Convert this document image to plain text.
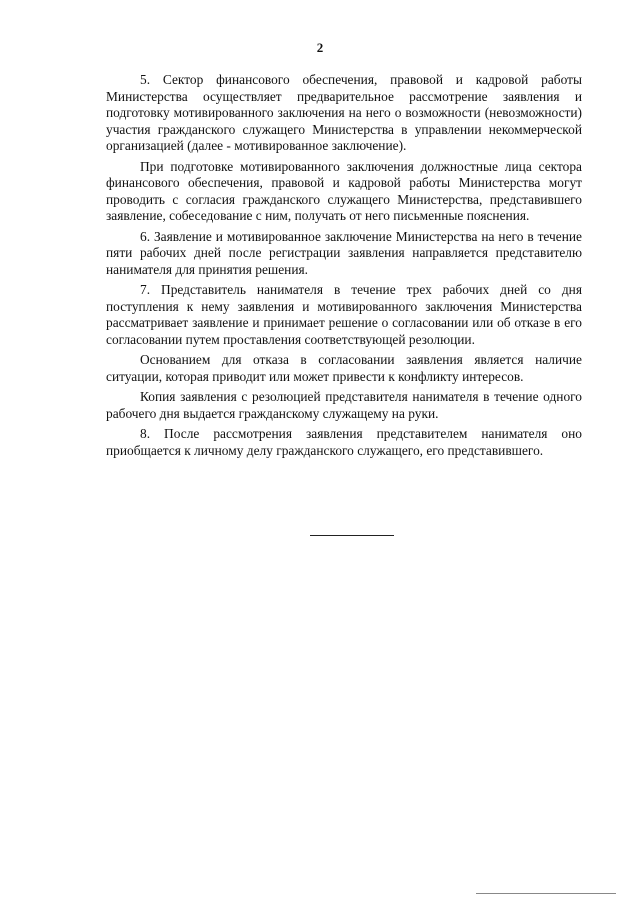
2

5. Сектор финансового обеспечения, правовой и кадровой работы Министерства осуществляет предварительное рассмотрение заявления и подготовку мотивированного заключения на него о возможности (невозможности) участия гражданского служащего Министерства в управлении некоммерческой организацией (далее - мотивированное заключение).

При подготовке мотивированного заключения должностные лица сектора финансового обеспечения, правовой и кадровой работы Министерства могут проводить с согласия гражданского служащего Министерства, представившего заявление, собеседование с ним, получать от него письменные пояснения.

6. Заявление и мотивированное заключение Министерства на него в течение пяти рабочих дней после регистрации заявления направляется представителю нанимателя для принятия решения.

7. Представитель нанимателя в течение трех рабочих дней со дня поступления к нему заявления и мотивированного заключения Министерства рассматривает заявление и принимает решение о согласовании или об отказе в его согласовании путем проставления соответствующей резолюции.

Основанием для отказа в согласовании заявления является наличие ситуации, которая приводит или может привести к конфликту интересов.

Копия заявления с резолюцией представителя нанимателя в течение одного рабочего дня выдается гражданскому служащему на руки.

8. После рассмотрения заявления представителем нанимателя оно приобщается к личному делу гражданского служащего, его представившего.
